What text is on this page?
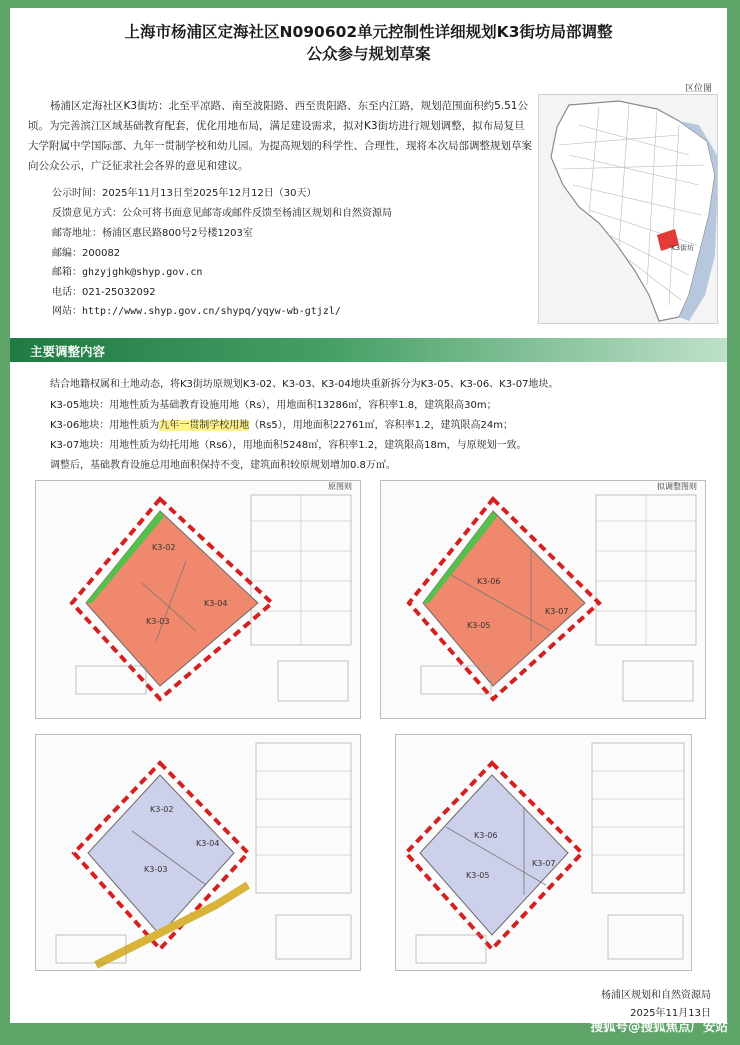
上海市杨浦区定海社区N090602单元控制性详细规划K3街坊局部调整
公众参与规划草案
杨浦区定海社区K3街坊：北至平凉路、南至波阳路、西至贵阳路、东至内江路，规划范围面积约5.51公顷。为完善滨江区域基础教育配套，优化用地布局，满足建设需求，拟对K3街坊进行规划调整，拟布局复旦大学附属中学国际部、九年一贯制学校和幼儿园。为提高规划的科学性、合理性，现将本次局部调整规划草案向公众公示，广泛征求社会各界的意见和建议。
公示时间：2025年11月13日至2025年12月12日（30天）
反馈意见方式：公众可将书面意见邮寄或邮件反馈至杨浦区规划和自然资源局
邮寄地址：杨浦区惠民路800号2号楼1203室
邮编：200082
邮箱：ghzyjghk@shyp.gov.cn
电话：021-25032092
网站：http://www.shyp.gov.cn/shypq/yqyw-wb-gtjzl/
区位图
K3街坊
主要调整内容
结合地籍权属和土地动态，将K3街坊原规划K3-02、K3-03、K3-04地块重新拆分为K3-05、K3-06、K3-07地块。
K3-05地块：用地性质为基础教育设施用地（Rs），用地面积13286㎡，容积率1.8，建筑限高30m；
K3-06地块：用地性质为九年一贯制学校用地（Rs5），用地面积22761㎡，容积率1.2，建筑限高24m；
K3-07地块：用地性质为幼托用地（Rs6），用地面积5248㎡，容积率1.2，建筑限高18m，与原规划一致。
调整后，基础教育设施总用地面积保持不变，建筑面积较原规划增加0.8万㎡。
原图则
K3-02
K3-03
K3-04
拟调整图则
K3-06
K3-05
K3-07
K3-02
K3-03
K3-04
K3-06
K3-05
K3-07
杨浦区规划和自然资源局
2025年11月13日
搜狐号@搜狐焦点厂安站
